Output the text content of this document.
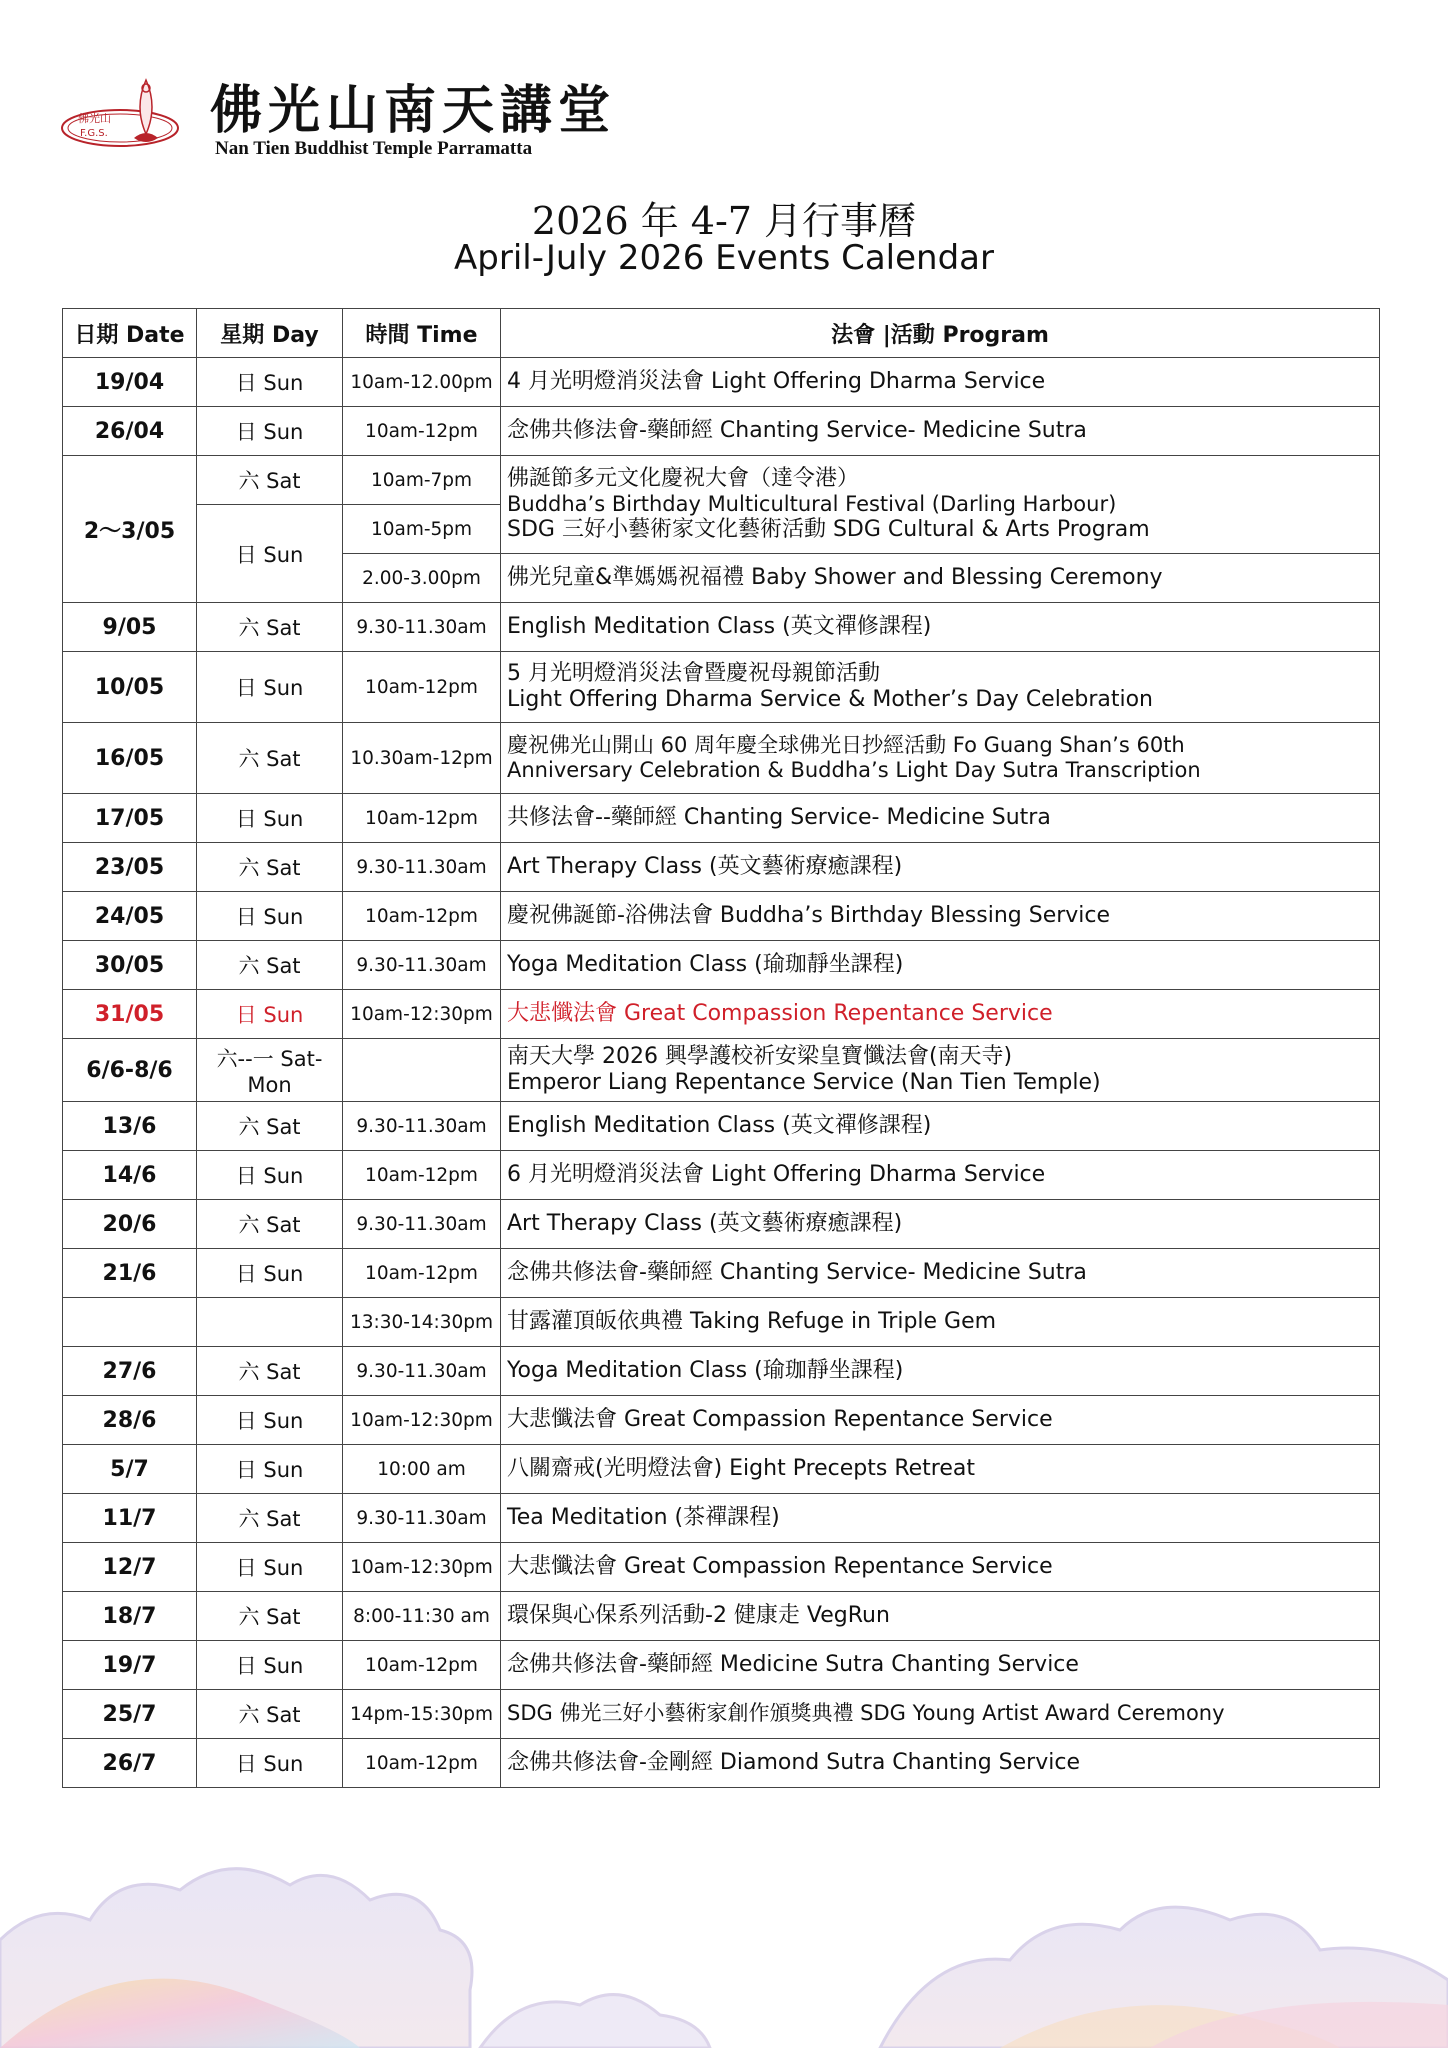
佛光山
F.G.S. 佛光山南天講堂
Nan Tien Buddhist Temple Parramatta
2026 年 4-7 月行事曆
April-July 2026 Events Calendar
日期 Date	星期 Day	時間 Time	法會 |活動 Program
19/04	日 Sun	10am-12.00pm	4 月光明燈消災法會 Light Offering Dharma Service

26/04	日 Sun	10am-12pm	念佛共修法會-藥師經 Chanting Service- Medicine Sutra

2～3/05	六 Sat	10am-7pm	佛誕節多元文化慶祝大會（達令港）
Buddha’s Birthday Multicultural Festival (Darling Harbour)
SDG 三好小藝術家文化藝術活動 SDG Cultural & Arts Program

	日 Sun	10am-5pm	
		2.00-3.00pm	佛光兒童&準媽媽祝福禮 Baby Shower and Blessing Ceremony

9/05	六 Sat	9.30-11.30am	English Meditation Class (英文禪修課程)

10/05	日 Sun	10am-12pm	5 月光明燈消災法會暨慶祝母親節活動
Light Offering Dharma Service & Mother’s Day Celebration

16/05	六 Sat	10.30am-12pm	慶祝佛光山開山 60 周年慶全球佛光日抄經活動 Fo Guang Shan’s 60th
Anniversary Celebration & Buddha’s Light Day Sutra Transcription

17/05	日 Sun	10am-12pm	共修法會--藥師經 Chanting Service- Medicine Sutra

23/05	六 Sat	9.30-11.30am	Art Therapy Class (英文藝術療癒課程)

24/05	日 Sun	10am-12pm	慶祝佛誕節-浴佛法會 Buddha’s Birthday Blessing Service

30/05	六 Sat	9.30-11.30am	Yoga Meditation Class (瑜珈靜坐課程)

31/05	日 Sun	10am-12:30pm	大悲懺法會 Great Compassion Repentance Service

6/6-8/6	六--一 Sat-Mon		南天大學 2026 興學護校祈安梁皇寶懺法會(南天寺)
Emperor Liang Repentance Service (Nan Tien Temple)

13/6	六 Sat	9.30-11.30am	English Meditation Class (英文禪修課程)

14/6	日 Sun	10am-12pm	6 月光明燈消災法會 Light Offering Dharma Service

20/6	六 Sat	9.30-11.30am	Art Therapy Class (英文藝術療癒課程)

21/6	日 Sun	10am-12pm	念佛共修法會-藥師經 Chanting Service- Medicine Sutra

		13:30-14:30pm	甘露灌頂皈依典禮 Taking Refuge in Triple Gem

27/6	六 Sat	9.30-11.30am	Yoga Meditation Class (瑜珈靜坐課程)

28/6	日 Sun	10am-12:30pm	大悲懺法會 Great Compassion Repentance Service

5/7	日 Sun	10:00 am	八關齋戒(光明燈法會) Eight Precepts Retreat

11/7	六 Sat	9.30-11.30am	Tea Meditation (茶禪課程)

12/7	日 Sun	10am-12:30pm	大悲懺法會 Great Compassion Repentance Service

18/7	六 Sat	8:00-11:30 am	環保與心保系列活動-2 健康走 VegRun

19/7	日 Sun	10am-12pm	念佛共修法會-藥師經 Medicine Sutra Chanting Service

25/7	六 Sat	14pm-15:30pm	SDG 佛光三好小藝術家創作頒獎典禮 SDG Young Artist Award Ceremony

26/7	日 Sun	10am-12pm	念佛共修法會-金剛經 Diamond Sutra Chanting Service
